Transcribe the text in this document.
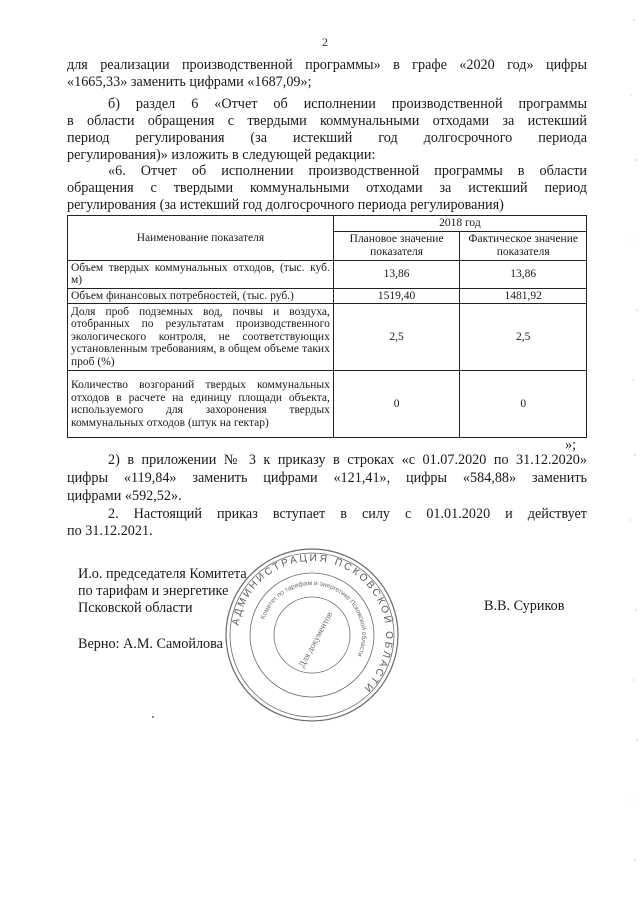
2

для реализации производственной программы» в графе «2020 год» цифры

«1665,33» заменить цифрами «1687,09»;

б) раздел 6 «Отчет об исполнении производственной программы

в области обращения с твердыми коммунальными отходами за истекший

период регулирования (за истекший год долгосрочного периода

регулирования)» изложить в следующей редакции:

«6. Отчет об исполнении производственной программы в области

обращения с твердыми коммунальными отходами за истекший период

регулирования (за истекший год долгосрочного периода регулирования)

Наименование показателя	2018 год	
	Плановое значение показателя	Фактическое значение показателя
Объем твердых коммунальных отходов, (тыс. куб. м)	13,86	13,86
Объем финансовых потребностей, (тыс. руб.)	1519,40	1481,92
Доля проб подземных вод, почвы и воздуха, отобранных по результатам производственного экологического контроля, не соответствующих установленным требованиям, в общем объеме таких проб (%)	2,5	2,5
Количество возгораний твердых коммунальных отходов в расчете на единицу площади объекта, используемого для захоронения твердых коммунальных отходов (штук на гектар)	0	0

»;

2) в приложении № 3 к приказу в строках «с 01.07.2020 по 31.12.2020»

цифры «119,84» заменить цифрами «121,41», цифры «584,88» заменить

цифрами «592,52».

2. Настоящий приказ вступает в силу с 01.01.2020 и действует

по 31.12.2021.

И.о. председателя Комитета
по тарифам и энергетике
Псковской области	В.В. Суриков
Верно: А.М. Самойлова
АДМИНИСТРАЦИЯ ПСКОВСКОЙ ОБЛАСТИ
Комитет по тарифам и энергетике Псковской области
Для документов
